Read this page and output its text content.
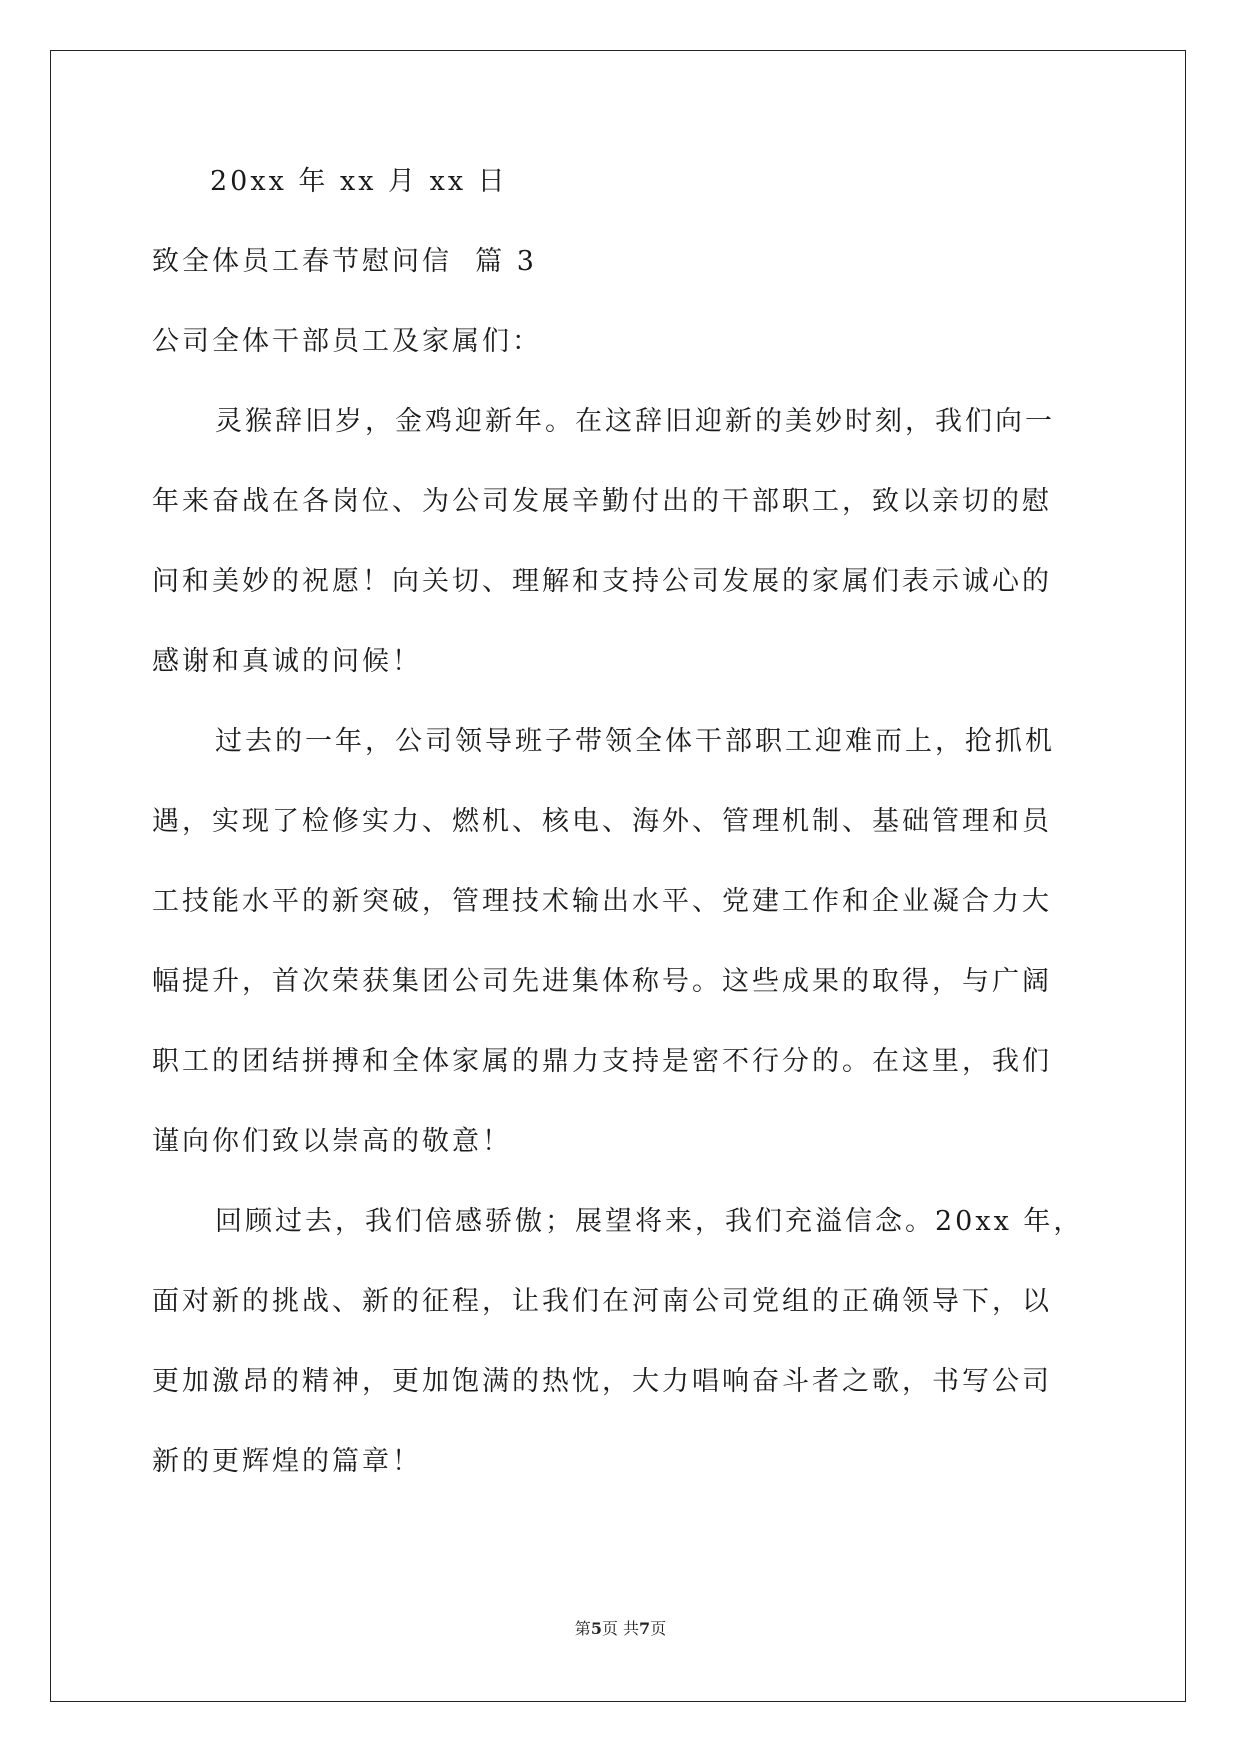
20xx 年 xx 月 xx 日

致全体员工春节慰问信  篇 3

公司全体干部员工及家属们：

灵猴辞旧岁，金鸡迎新年。在这辞旧迎新的美妙时刻，我们向一

年来奋战在各岗位、为公司发展辛勤付出的干部职工，致以亲切的慰

问和美妙的祝愿！向关切、理解和支持公司发展的家属们表示诚心的

感谢和真诚的问候！

过去的一年，公司领导班子带领全体干部职工迎难而上，抢抓机

遇，实现了检修实力、燃机、核电、海外、管理机制、基础管理和员

工技能水平的新突破，管理技术输出水平、党建工作和企业凝合力大

幅提升，首次荣获集团公司先进集体称号。这些成果的取得，与广阔

职工的团结拼搏和全体家属的鼎力支持是密不行分的。在这里，我们

谨向你们致以崇高的敬意！

回顾过去，我们倍感骄傲；展望将来，我们充溢信念。20xx 年，

面对新的挑战、新的征程，让我们在河南公司党组的正确领导下，以

更加激昂的精神，更加饱满的热忱，大力唱响奋斗者之歌，书写公司

新的更辉煌的篇章！

第5页 共7页
